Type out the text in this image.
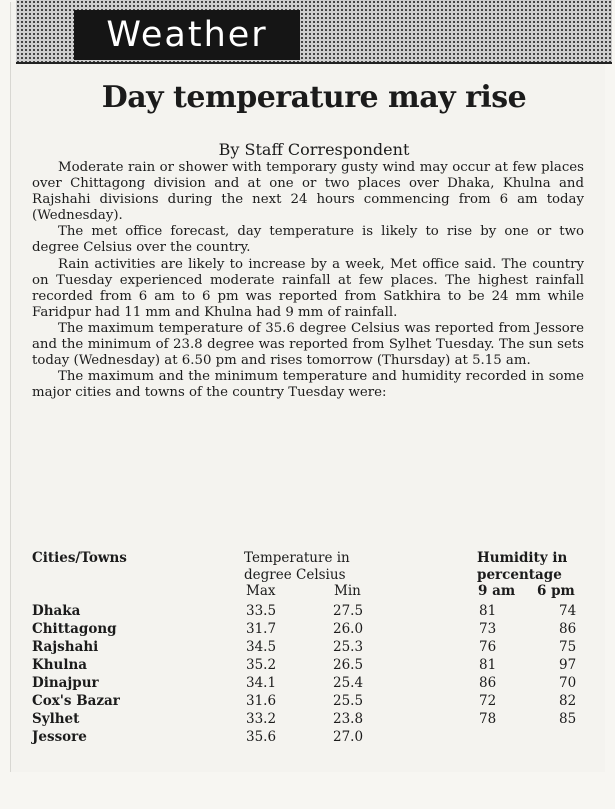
Weather
Day temperature may rise
By Staff Correspondent

Moderate rain or shower with temporary gusty wind may occur at few places over Chittagong division and at one or two places over Dhaka, Khulna and Rajshahi divisions during the next 24 hours commencing from 6 am today (Wednesday).

The met office forecast, day temperature is likely to rise by one or two degree Celsius over the country.

Rain activities are likely to increase by a week, Met office said. The country on Tuesday experienced moderate rainfall at few places. The highest rainfall recorded from 6 am to 6 pm was reported from Satkhira to be 24 mm while Faridpur had 11 mm and Khulna had 9 mm of rainfall.

The maximum temperature of 35.6 degree Celsius was reported from Jessore and the minimum of 23.8 degree was reported from Sylhet Tuesday. The sun sets today (Wednesday) at 6.50 pm and rises tomorrow (Thursday) at 5.15 am.

The maximum and the minimum temperature and humidity recorded in some major cities and towns of the country Tuesday were:

Cities/Towns	Temperature in
degree Celsius
Max	Min
Humidity in
percentage
9 am 6 pm
Dhaka	33.5	27.5	81	74
Chittagong	31.7	26.0	73	86
Rajshahi	34.5	25.3	76	75
Khulna	35.2	26.5	81	97
Dinajpur	34.1	25.4	86	70
Cox's Bazar	31.6	25.5	72	82
Sylhet	33.2	23.8	78	85
Jessore	35.6	27.0
